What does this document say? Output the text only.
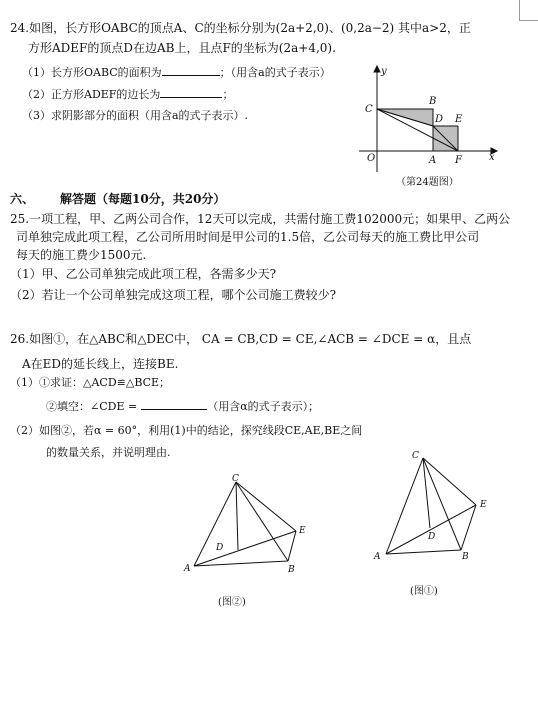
24.如图，长方形OABC的顶点A、C的坐标分别为(2a+2,0)、(0,2a−2) 其中a>2，正
方形ADEF的顶点D在边AB上，且点F的坐标为(2a+4,0).
（1）长方形OABC的面积为	；（用含a的式子表示）
（2）正方形ADEF的边长为	；
（3）求阴影部分的面积（用含a的式子表示）.
y
x
C
B
D E
O	A F
（第24题图）
六、 解答题（每题10分，共20分）
25.一项工程，甲、乙两公司合作，12天可以完成，共需付施工费102000元；如果甲、乙两公
司单独完成此项工程，乙公司所用时间是甲公司的1.5倍，乙公司每天的施工费比甲公司
每天的施工费少1500元.
（1）甲、乙公司单独完成此项工程，各需多少天?
（2）若让一个公司单独完成这项工程，哪个公司施工费较少?
26.如图①，在△ABC和△DEC中， CA = CB,CD = CE,∠ACB = ∠DCE = α，且点
A在ED的延长线上，连接BE.
（1）①求证：△ACD≌△BCE；
②填空：∠CDE =	（用含α的式子表示）；
（2）如图②，若α = 60°，利用(1)中的结论，探究线段CE,AE,BE之间
的数量关系，并说明理由.
C
D
E
A	B
(图②)
C
D
E
A	B
(图①)
